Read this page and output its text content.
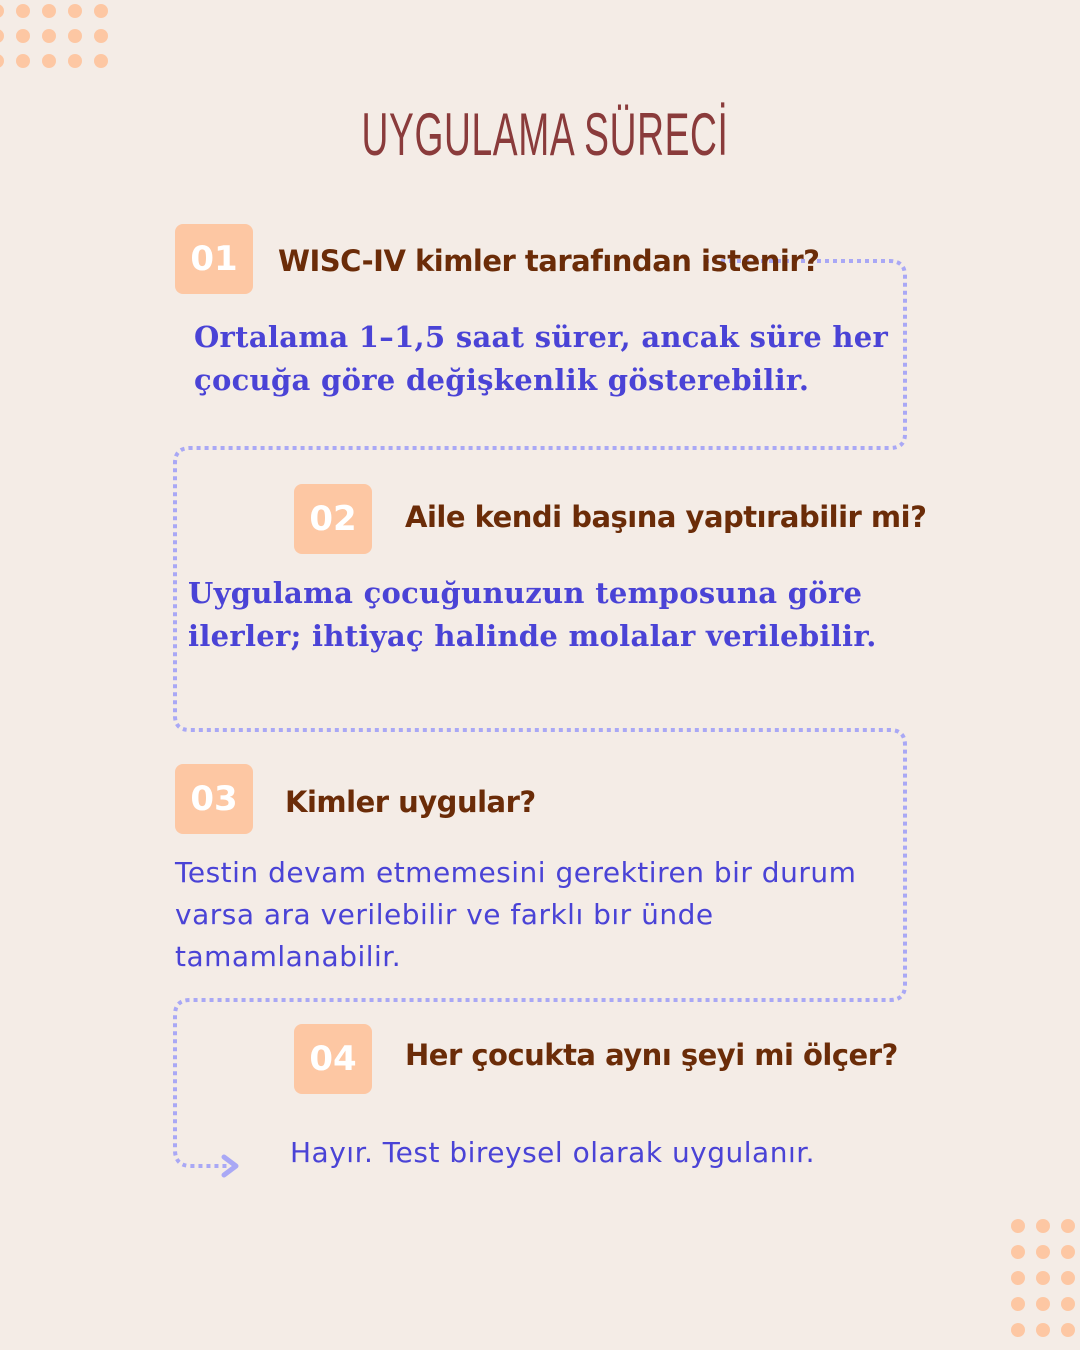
UYGULAMA SÜRECİ
01	WISC-IV kimler tarafından istenir?
Ortalama 1–1,5 saat sürer, ancak süre her çocuğa göre değişkenlik gösterebilir.
02	Aile kendi başına yaptırabilir mi?
Uygulama çocuğunuzun temposuna göre ilerler; ihtiyaç halinde molalar verilebilir.
03	Kimler uygular?
Testin devam etmemesini gerektiren bir durum varsa ara verilebilir ve farklı bır ünde tamamlanabilir.
04	Her çocukta aynı şeyi mi ölçer?
Hayır. Test bireysel olarak uygulanır.
